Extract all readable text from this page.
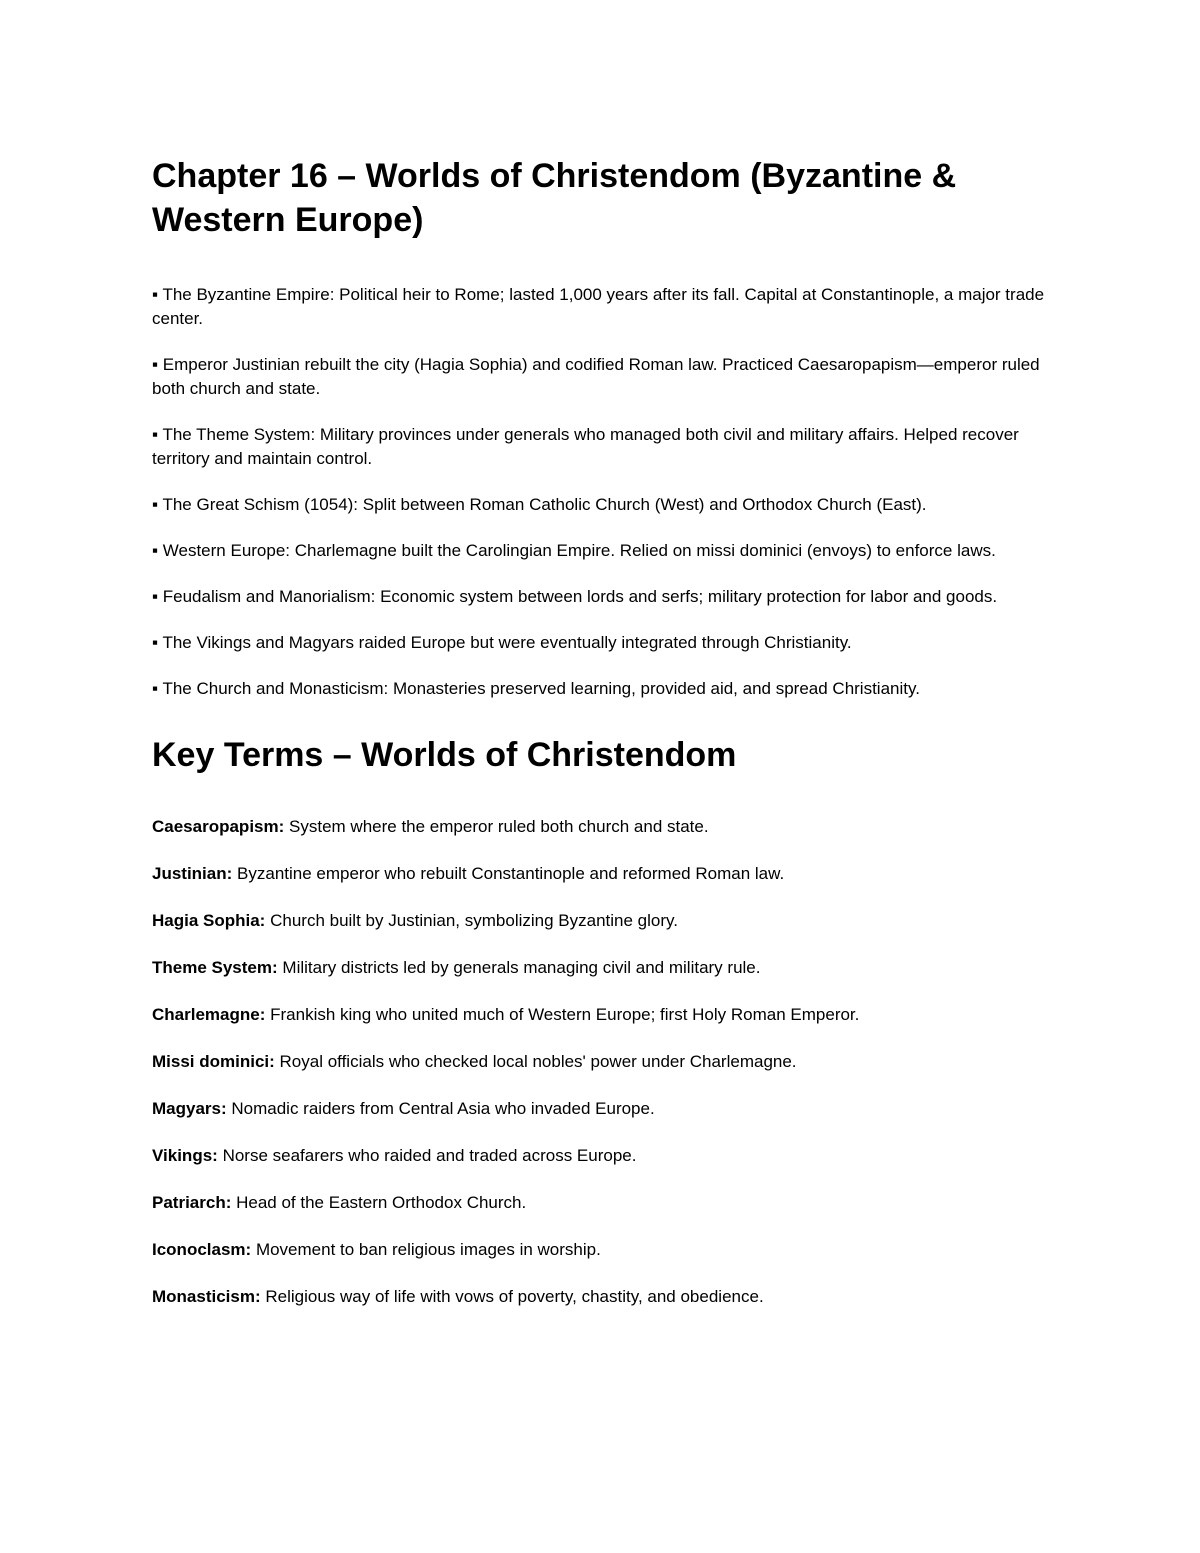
Chapter 16 – Worlds of Christendom (Byzantine & Western Europe)
▪ The Byzantine Empire: Political heir to Rome; lasted 1,000 years after its fall. Capital at Constantinople, a major trade center.
▪ Emperor Justinian rebuilt the city (Hagia Sophia) and codified Roman law. Practiced Caesaropapism—emperor ruled both church and state.
▪ The Theme System: Military provinces under generals who managed both civil and military affairs. Helped recover territory and maintain control.
▪ The Great Schism (1054): Split between Roman Catholic Church (West) and Orthodox Church (East).
▪ Western Europe: Charlemagne built the Carolingian Empire. Relied on missi dominici (envoys) to enforce laws.
▪ Feudalism and Manorialism: Economic system between lords and serfs; military protection for labor and goods.
▪ The Vikings and Magyars raided Europe but were eventually integrated through Christianity.
▪ The Church and Monasticism: Monasteries preserved learning, provided aid, and spread Christianity.
Key Terms – Worlds of Christendom
Caesaropapism: System where the emperor ruled both church and state.
Justinian: Byzantine emperor who rebuilt Constantinople and reformed Roman law.
Hagia Sophia: Church built by Justinian, symbolizing Byzantine glory.
Theme System: Military districts led by generals managing civil and military rule.
Charlemagne: Frankish king who united much of Western Europe; first Holy Roman Emperor.
Missi dominici: Royal officials who checked local nobles' power under Charlemagne.
Magyars: Nomadic raiders from Central Asia who invaded Europe.
Vikings: Norse seafarers who raided and traded across Europe.
Patriarch: Head of the Eastern Orthodox Church.
Iconoclasm: Movement to ban religious images in worship.
Monasticism: Religious way of life with vows of poverty, chastity, and obedience.
